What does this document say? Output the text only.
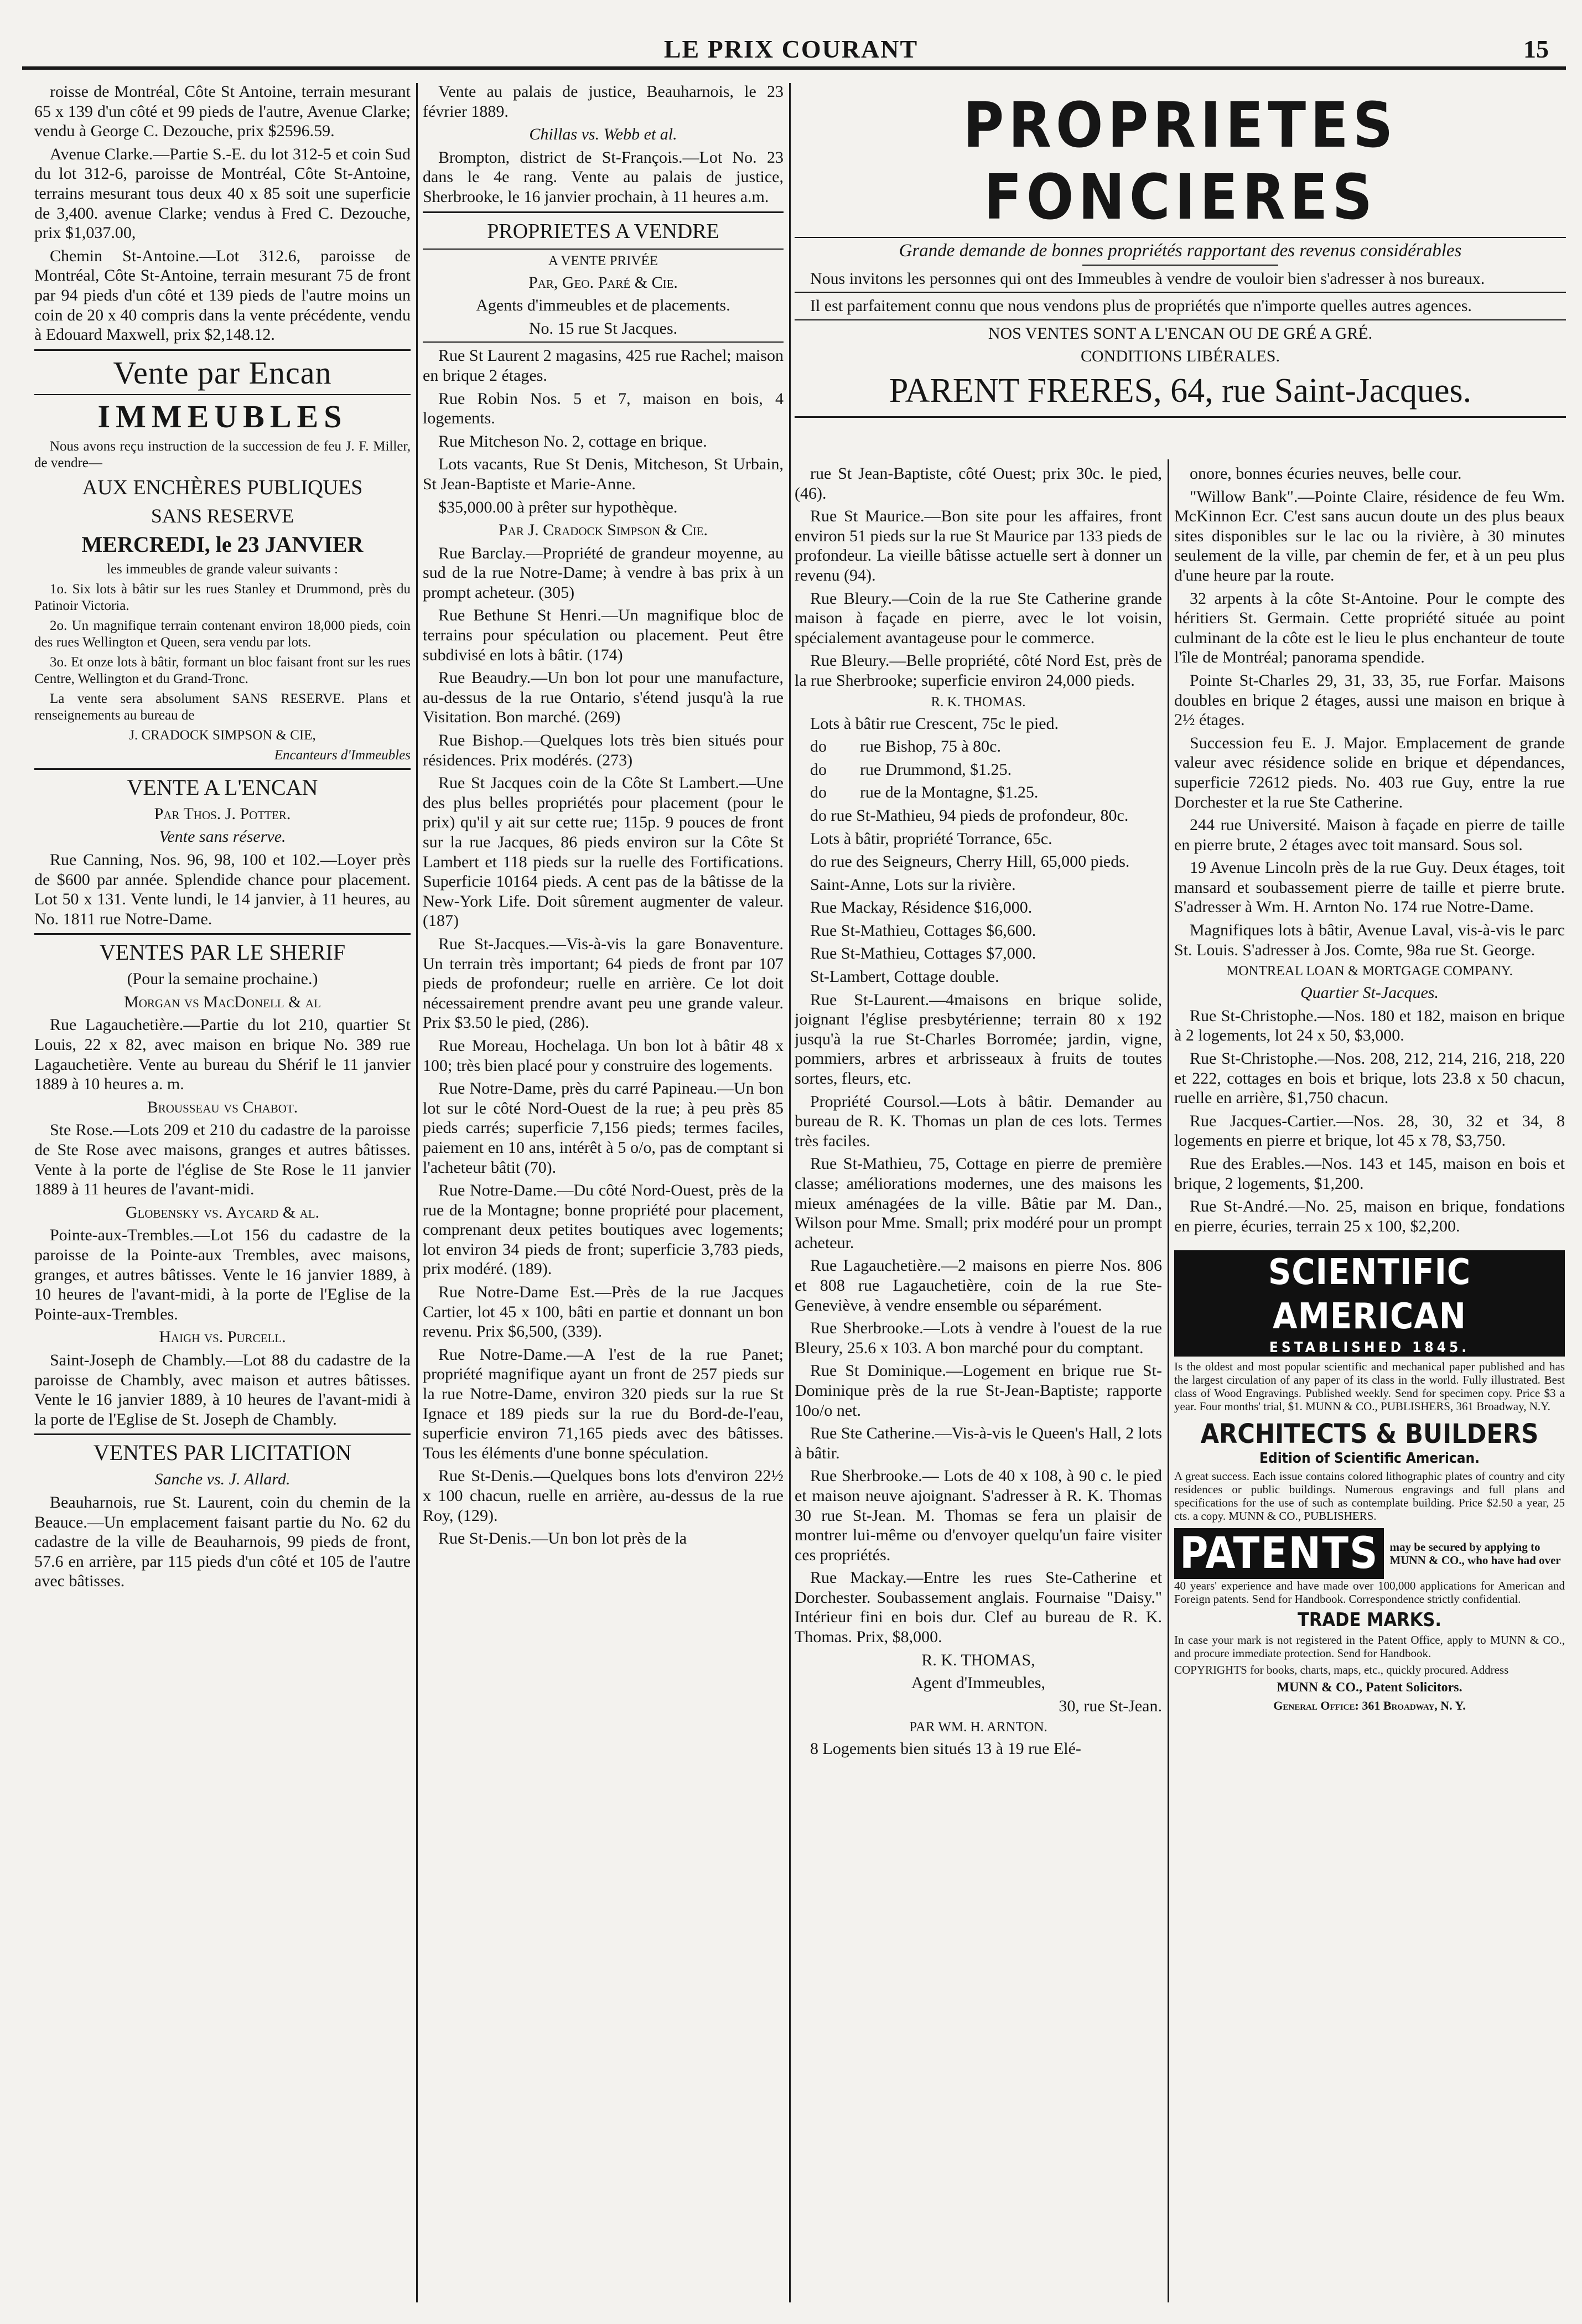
LE PRIX COURANT	15

roisse de Montréal, Côte St Antoine, terrain mesurant 65 x 139 d'un côté et 99 pieds de l'autre, Avenue Clarke; vendu à George C. Dezouche, prix $2596.59.

Avenue Clarke.—Partie S.-E. du lot 312-5 et coin Sud du lot 312-6, paroisse de Montréal, Côte St-Antoine, terrains mesurant tous deux 40 x 85 soit une superficie de 3,400. avenue Clarke; vendus à Fred C. Dezouche, prix $1,037.00,

Chemin St-Antoine.—Lot 312.6, paroisse de Montréal, Côte St-Antoine, terrain mesurant 75 de front par 94 pieds d'un côté et 139 pieds de l'autre moins un coin de 20 x 40 compris dans la vente précédente, vendu à Edouard Maxwell, prix $2,148.12.

Vente par Encan

IMMEUBLES

Nous avons reçu instruction de la succession de feu J. F. Miller, de vendre—

AUX ENCHÈRES PUBLIQUES

SANS RESERVE

MERCREDI, le 23 JANVIER

les immeubles de grande valeur suivants :

1o. Six lots à bâtir sur les rues Stanley et Drummond, près du Patinoir Victoria.

2o. Un magnifique terrain contenant environ 18,000 pieds, coin des rues Wellington et Queen, sera vendu par lots.

3o. Et onze lots à bâtir, formant un bloc faisant front sur les rues Centre, Wellington et du Grand-Tronc.

La vente sera absolument SANS RESERVE. Plans et renseignements au bureau de

J. CRADOCK SIMPSON & CIE,

Encanteurs d'Immeubles

VENTE A L'ENCAN

Par Thos. J. Potter.

Vente sans réserve.

Rue Canning, Nos. 96, 98, 100 et 102.—Loyer près de $600 par année. Splendide chance pour placement. Lot 50 x 131. Vente lundi, le 14 janvier, à 11 heures, au No. 1811 rue Notre-Dame.

VENTES PAR LE SHERIF

(Pour la semaine prochaine.)

Morgan vs MacDonell & al

Rue Lagauchetière.—Partie du lot 210, quartier St Louis, 22 x 82, avec maison en brique No. 389 rue Lagauchetière. Vente au bureau du Shérif le 11 janvier 1889 à 10 heures a. m.

Brousseau vs Chabot.

Ste Rose.—Lots 209 et 210 du cadastre de la paroisse de Ste Rose avec maisons, granges et autres bâtisses. Vente à la porte de l'église de Ste Rose le 11 janvier 1889 à 11 heures de l'avant-midi.

Globensky vs. Aycard & al.

Pointe-aux-Trembles.—Lot 156 du cadastre de la paroisse de la Pointe-aux Trembles, avec maisons, granges, et autres bâtisses. Vente le 16 janvier 1889, à 10 heures de l'avant-midi, à la porte de l'Eglise de la Pointe-aux-Trembles.

Haigh vs. Purcell.

Saint-Joseph de Chambly.—Lot 88 du cadastre de la paroisse de Chambly, avec maison et autres bâtisses. Vente le 16 janvier 1889, à 10 heures de l'avant-midi à la porte de l'Eglise de St. Joseph de Chambly.

VENTES PAR LICITATION

Sanche vs. J. Allard.

Beauharnois, rue St. Laurent, coin du chemin de la Beauce.—Un emplacement faisant partie du No. 62 du cadastre de la ville de Beauharnois, 99 pieds de front, 57.6 en arrière, par 115 pieds d'un côté et 105 de l'autre avec bâtisses.

Vente au palais de justice, Beauharnois, le 23 février 1889.

Chillas vs. Webb et al.

Brompton, district de St-François.—Lot No. 23 dans le 4e rang. Vente au palais de justice, Sherbrooke, le 16 janvier prochain, à 11 heures a.m.

PROPRIETES A VENDRE

A VENTE PRIVÉE

Par, Geo. Paré & Cie.

Agents d'immeubles et de placements.

No. 15 rue St Jacques.

Rue St Laurent 2 magasins, 425 rue Rachel; maison en brique 2 étages.

Rue Robin Nos. 5 et 7, maison en bois, 4 logements.

Rue Mitcheson No. 2, cottage en brique.

Lots vacants, Rue St Denis, Mitcheson, St Urbain, St Jean-Baptiste et Marie-Anne.

$35,000.00 à prêter sur hypothèque.

Par J. Cradock Simpson & Cie.

Rue Barclay.—Propriété de grandeur moyenne, au sud de la rue Notre-Dame; à vendre à bas prix à un prompt acheteur. (305)

Rue Bethune St Henri.—Un magnifique bloc de terrains pour spéculation ou placement. Peut être subdivisé en lots à bâtir. (174)

Rue Beaudry.—Un bon lot pour une manufacture, au-dessus de la rue Ontario, s'étend jusqu'à la rue Visitation. Bon marché. (269)

Rue Bishop.—Quelques lots très bien situés pour résidences. Prix modérés. (273)

Rue St Jacques coin de la Côte St Lambert.—Une des plus belles propriétés pour placement (pour le prix) qu'il y ait sur cette rue; 115p. 9 pouces de front sur la rue Jacques, 86 pieds environ sur la Côte St Lambert et 118 pieds sur la ruelle des Fortifications. Superficie 10164 pieds. A cent pas de la bâtisse de la New-York Life. Doit sûrement augmenter de valeur. (187)

Rue St-Jacques.—Vis-à-vis la gare Bonaventure. Un terrain très important; 64 pieds de front par 107 pieds de profondeur; ruelle en arrière. Ce lot doit nécessairement prendre avant peu une grande valeur. Prix $3.50 le pied, (286).

Rue Moreau, Hochelaga. Un bon lot à bâtir 48 x 100; très bien placé pour y construire des logements.

Rue Notre-Dame, près du carré Papineau.—Un bon lot sur le côté Nord-Ouest de la rue; à peu près 85 pieds carrés; superficie 7,156 pieds; termes faciles, paiement en 10 ans, intérêt à 5 o/o, pas de comptant si l'acheteur bâtit (70).

Rue Notre-Dame.—Du côté Nord-Ouest, près de la rue de la Montagne; bonne propriété pour placement, comprenant deux petites boutiques avec logements; lot environ 34 pieds de front; superficie 3,783 pieds, prix modéré. (189).

Rue Notre-Dame Est.—Près de la rue Jacques Cartier, lot 45 x 100, bâti en partie et donnant un bon revenu. Prix $6,500, (339).

Rue Notre-Dame.—A l'est de la rue Panet; propriété magnifique ayant un front de 257 pieds sur la rue Notre-Dame, environ 320 pieds sur la rue St Ignace et 189 pieds sur la rue du Bord-de-l'eau, superficie environ 71,165 pieds avec des bâtisses. Tous les éléments d'une bonne spéculation.

Rue St-Denis.—Quelques bons lots d'environ 22½ x 100 chacun, ruelle en arrière, au-dessus de la rue Roy, (129).

Rue St-Denis.—Un bon lot près de la

PROPRIETES FONCIERES

Grande demande de bonnes propriétés rapportant des revenus considérables

Nous invitons les personnes qui ont des Immeubles à vendre de vouloir bien s'adresser à nos bureaux.

Il est parfaitement connu que nous vendons plus de propriétés que n'importe quelles autres agences.

NOS VENTES SONT A L'ENCAN OU DE GRÉ A GRÉ.

CONDITIONS LIBÉRALES.

PARENT FRERES, 64, rue Saint-Jacques.

rue St Jean-Baptiste, côté Ouest; prix 30c. le pied, (46).

Rue St Maurice.—Bon site pour les affaires, front environ 51 pieds sur la rue St Maurice par 133 pieds de profondeur. La vieille bâtisse actuelle sert à donner un revenu (94).

Rue Bleury.—Coin de la rue Ste Catherine grande maison à façade en pierre, avec le lot voisin, spécialement avantageuse pour le commerce.

Rue Bleury.—Belle propriété, côté Nord Est, près de la rue Sherbrooke; superficie environ 24,000 pieds.

R. K. THOMAS.

Lots à bâtir rue Crescent, 75c le pied.

do        rue Bishop, 75 à 80c.

do        rue Drummond, $1.25.

do        rue de la Montagne, $1.25.

do rue St-Mathieu, 94 pieds de profondeur, 80c.

Lots à bâtir, propriété Torrance, 65c.

do rue des Seigneurs, Cherry Hill, 65,000 pieds.

Saint-Anne, Lots sur la rivière.

Rue Mackay, Résidence $16,000.

Rue St-Mathieu, Cottages $6,600.

Rue St-Mathieu, Cottages $7,000.

St-Lambert, Cottage double.

Rue St-Laurent.—4maisons en brique solide, joignant l'église presbytérienne; terrain 80 x 192 jusqu'à la rue St-Charles Borromée; jardin, vigne, pommiers, arbres et arbrisseaux à fruits de toutes sortes, fleurs, etc.

Propriété Coursol.—Lots à bâtir. Demander au bureau de R. K. Thomas un plan de ces lots. Termes très faciles.

Rue St-Mathieu, 75, Cottage en pierre de première classe; améliorations modernes, une des maisons les mieux aménagées de la ville. Bâtie par M. Dan., Wilson pour Mme. Small; prix modéré pour un prompt acheteur.

Rue Lagauchetière.—2 maisons en pierre Nos. 806 et 808 rue Lagauchetière, coin de la rue Ste-Geneviève, à vendre ensemble ou séparément.

Rue Sherbrooke.—Lots à vendre à l'ouest de la rue Bleury, 25.6 x 103. A bon marché pour du comptant.

Rue St Dominique.—Logement en brique rue St-Dominique près de la rue St-Jean-Baptiste; rapporte 10o/o net.

Rue Ste Catherine.—Vis-à-vis le Queen's Hall, 2 lots à bâtir.

Rue Sherbrooke.— Lots de 40 x 108, à 90 c. le pied et maison neuve ajoignant. S'adresser à R. K. Thomas 30 rue St-Jean. M. Thomas se fera un plaisir de montrer lui-même ou d'envoyer quelqu'un faire visiter ces propriétés.

Rue Mackay.—Entre les rues Ste-Catherine et Dorchester. Soubassement anglais. Fournaise "Daisy." Intérieur fini en bois dur. Clef au bureau de R. K. Thomas. Prix, $8,000.

R. K. THOMAS,

Agent d'Immeubles,

30, rue St-Jean.

PAR WM. H. ARNTON.

8 Logements bien situés 13 à 19 rue Elé-

onore, bonnes écuries neuves, belle cour.

"Willow Bank".—Pointe Claire, résidence de feu Wm. McKinnon Ecr. C'est sans aucun doute un des plus beaux sites disponibles sur le lac ou la rivière, à 30 minutes seulement de la ville, par chemin de fer, et à un peu plus d'une heure par la route.

32 arpents à la côte St-Antoine. Pour le compte des héritiers St. Germain. Cette propriété située au point culminant de la côte est le lieu le plus enchanteur de toute l'île de Montréal; panorama spendide.

Pointe St-Charles 29, 31, 33, 35, rue Forfar. Maisons doubles en brique 2 étages, aussi une maison en brique à 2½ étages.

Succession feu E. J. Major. Emplacement de grande valeur avec résidence solide en brique et dépendances, superficie 72612 pieds. No. 403 rue Guy, entre la rue Dorchester et la rue Ste Catherine.

244 rue Université. Maison à façade en pierre de taille en pierre brute, 2 étages avec toit mansard. Sous sol.

19 Avenue Lincoln près de la rue Guy. Deux étages, toit mansard et soubassement pierre de taille et pierre brute. S'adresser à Wm. H. Arnton No. 174 rue Notre-Dame.

Magnifiques lots à bâtir, Avenue Laval, vis-à-vis le parc St. Louis. S'adresser à Jos. Comte, 98a rue St. George.

MONTREAL LOAN & MORTGAGE COMPANY.

Quartier St-Jacques.

Rue St-Christophe.—Nos. 180 et 182, maison en brique à 2 logements, lot 24 x 50, $3,000.

Rue St-Christophe.—Nos. 208, 212, 214, 216, 218, 220 et 222, cottages en bois et brique, lots 23.8 x 50 chacun, ruelle en arrière, $1,750 chacun.

Rue Jacques-Cartier.—Nos. 28, 30, 32 et 34, 8 logements en pierre et brique, lot 45 x 78, $3,750.

Rue des Erables.—Nos. 143 et 145, maison en bois et brique, 2 logements, $1,200.

Rue St-André.—No. 25, maison en brique, fondations en pierre, écuries, terrain 25 x 100, $2,200.

SCIENTIFIC AMERICAN
ESTABLISHED 1845.

Is the oldest and most popular scientific and mechanical paper published and has the largest circulation of any paper of its class in the world. Fully illustrated. Best class of Wood Engravings. Published weekly. Send for specimen copy. Price $3 a year. Four months' trial, $1. MUNN & CO., PUBLISHERS, 361 Broadway, N.Y.

ARCHITECTS & BUILDERS
Edition of Scientific American.

A great success. Each issue contains colored lithographic plates of country and city residences or public buildings. Numerous engravings and full plans and specifications for the use of such as contemplate building. Price $2.50 a year, 25 cts. a copy. MUNN & CO., PUBLISHERS.

PATENTS may be secured by applying to MUNN & CO., who have had over

40 years' experience and have made over 100,000 applications for American and Foreign patents. Send for Handbook. Correspondence strictly confidential.

TRADE MARKS.

In case your mark is not registered in the Patent Office, apply to MUNN & CO., and procure immediate protection. Send for Handbook.

COPYRIGHTS for books, charts, maps, etc., quickly procured. Address

MUNN & CO., Patent Solicitors.

General Office: 361 Broadway, N. Y.
